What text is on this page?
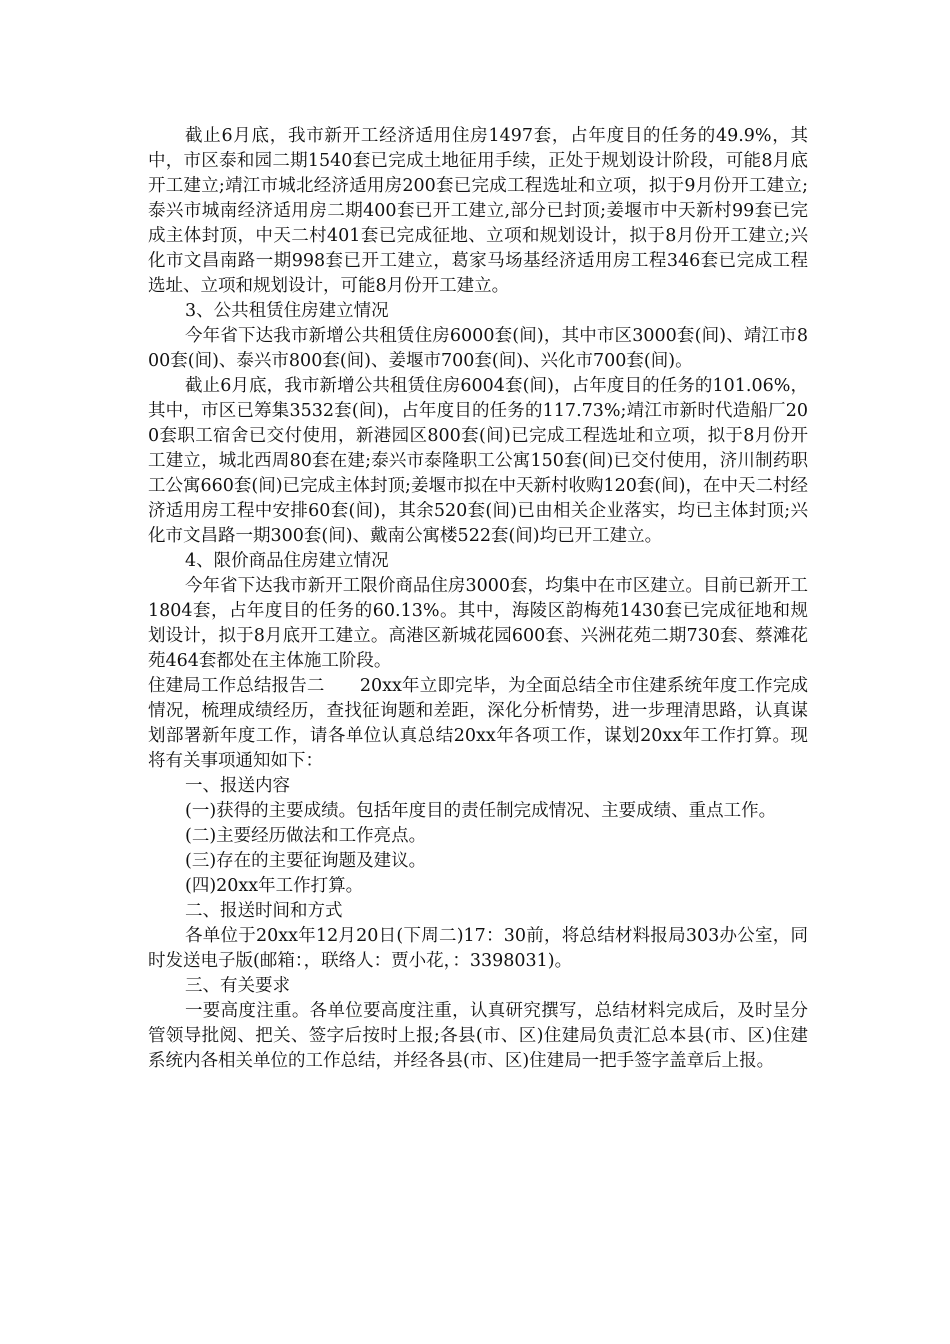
截止6月底，我市新开工经济适用住房1497套，占年度目的任务的49.9%，其中，市区泰和园二期1540套已完成土地征用手续，正处于规划设计阶段，可能8月底开工建立;靖江市城北经济适用房200套已完成工程选址和立项，拟于9月份开工建立;泰兴市城南经济适用房二期400套已开工建立,部分已封顶;姜堰市中天新村99套已完成主体封顶，中天二村401套已完成征地、立项和规划设计，拟于8月份开工建立;兴化市文昌南路一期998套已开工建立，葛家马场基经济适用房工程346套已完成工程选址、立项和规划设计，可能8月份开工建立。

3、公共租赁住房建立情况

今年省下达我市新增公共租赁住房6000套(间)，其中市区3000套(间)、靖江市800套(间)、泰兴市800套(间)、姜堰市700套(间)、兴化市700套(间)。

截止6月底，我市新增公共租赁住房6004套(间)，占年度目的任务的101.06%，其中，市区已筹集3532套(间)，占年度目的任务的117.73%;靖江市新时代造船厂200套职工宿舍已交付使用，新港园区800套(间)已完成工程选址和立项，拟于8月份开工建立，城北西周80套在建;泰兴市泰隆职工公寓150套(间)已交付使用，济川制药职工公寓660套(间)已完成主体封顶;姜堰市拟在中天新村收购120套(间)，在中天二村经济适用房工程中安排60套(间)，其余520套(间)已由相关企业落实，均已主体封顶;兴化市文昌路一期300套(间)、戴南公寓楼522套(间)均已开工建立。

4、限价商品住房建立情况

今年省下达我市新开工限价商品住房3000套，均集中在市区建立。目前已新开工1804套，占年度目的任务的60.13%。其中，海陵区韵梅苑1430套已完成征地和规划设计，拟于8月底开工建立。高港区新城花园600套、兴洲花苑二期730套、蔡滩花苑464套都处在主体施工阶段。

住建局工作总结报告二　　20xx年立即完毕，为全面总结全市住建系统年度工作完成情况，梳理成绩经历，查找征询题和差距，深化分析情势，进一步理清思路，认真谋划部署新年度工作，请各单位认真总结20xx年各项工作，谋划20xx年工作打算。现将有关事项通知如下：

一、报送内容

(一)获得的主要成绩。包括年度目的责任制完成情况、主要成绩、重点工作。

(二)主要经历做法和工作亮点。

(三)存在的主要征询题及建议。

(四)20xx年工作打算。

二、报送时间和方式

各单位于20xx年12月20日(下周二)17：30前，将总结材料报局303办公室，同时发送电子版(邮箱：，联络人：贾小花，：3398031)。

三、有关要求

一要高度注重。各单位要高度注重，认真研究撰写，总结材料完成后，及时呈分管领导批阅、把关、签字后按时上报;各县(市、区)住建局负责汇总本县(市、区)住建系统内各相关单位的工作总结，并经各县(市、区)住建局一把手签字盖章后上报。
